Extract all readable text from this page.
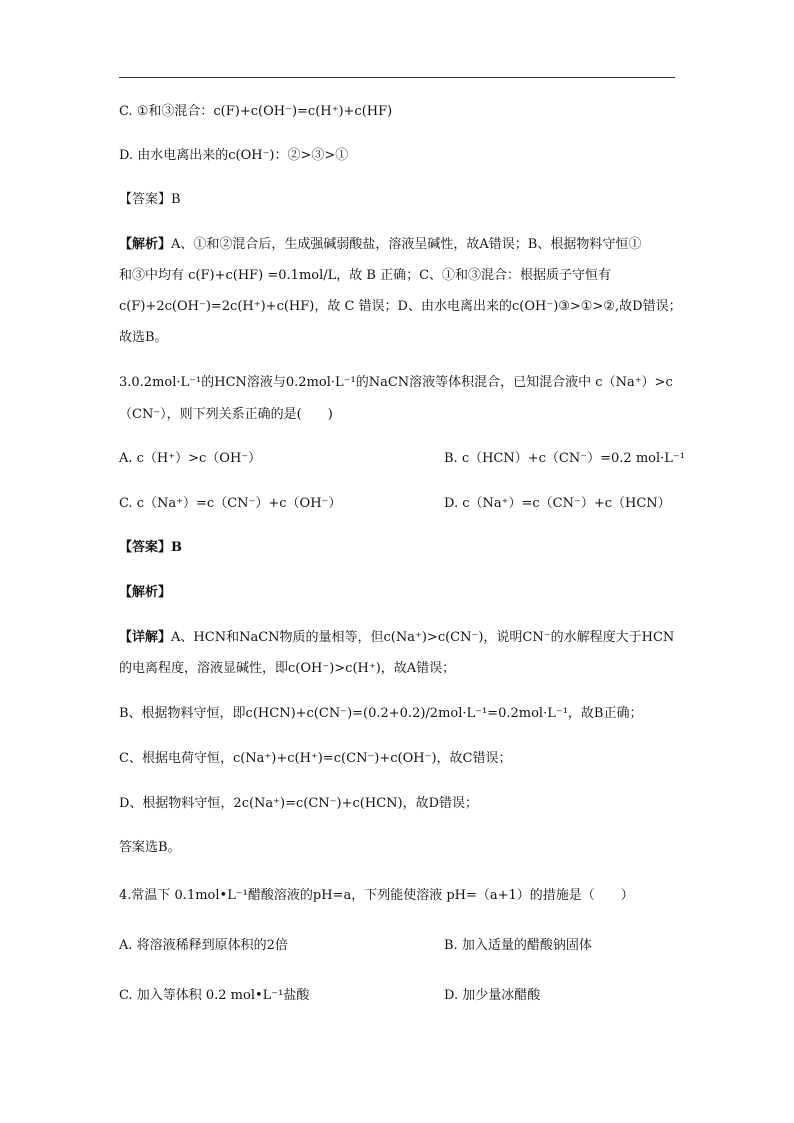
C. ①和③混合：c(F)+c(OH⁻)=c(H⁺)+c(HF)
D. 由水电离出来的c(OH⁻)：②>③>①
【答案】B
【解析】A、①和②混合后，生成强碱弱酸盐，溶液呈碱性，故A错误；B、根据物料守恒①
和③中均有 c(F)+c(HF) =0.1mol/L，故 B 正确；C、①和③混合：根据质子守恒有
c(F)+2c(OH⁻)=2c(H⁺)+c(HF)，故 C 错误；D、由水电离出来的c(OH⁻)③>①>②,故D错误；
故选B。
3.0.2mol·L⁻¹的HCN溶液与0.2mol·L⁻¹的NaCN溶液等体积混合，已知混合液中 c（Na⁺）>c
（CN⁻），则下列关系正确的是(　　)
A. c（H⁺）>c（OH⁻）	B. c（HCN）+c（CN⁻）=0.2 mol·L⁻¹
C. c（Na⁺）=c（CN⁻）+c（OH⁻）	D. c（Na⁺）=c（CN⁻）+c（HCN）
【答案】B
【解析】
【详解】A、HCN和NaCN物质的量相等，但c(Na⁺)>c(CN⁻)，说明CN⁻的水解程度大于HCN
的电离程度，溶液显碱性，即c(OH⁻)>c(H⁺)，故A错误；
B、根据物料守恒，即c(HCN)+c(CN⁻)=(0.2+0.2)/2mol·L⁻¹=0.2mol·L⁻¹，故B正确；
C、根据电荷守恒，c(Na⁺)+c(H⁺)=c(CN⁻)+c(OH⁻)，故C错误；
D、根据物料守恒，2c(Na⁺)=c(CN⁻)+c(HCN)，故D错误；
答案选B。
4.常温下 0.1mol•L⁻¹醋酸溶液的pH=a，下列能使溶液 pH=（a+1）的措施是（　　）
A. 将溶液稀释到原体积的2倍	B. 加入适量的醋酸钠固体
C. 加入等体积 0.2 mol•L⁻¹盐酸	D. 加少量冰醋酸
